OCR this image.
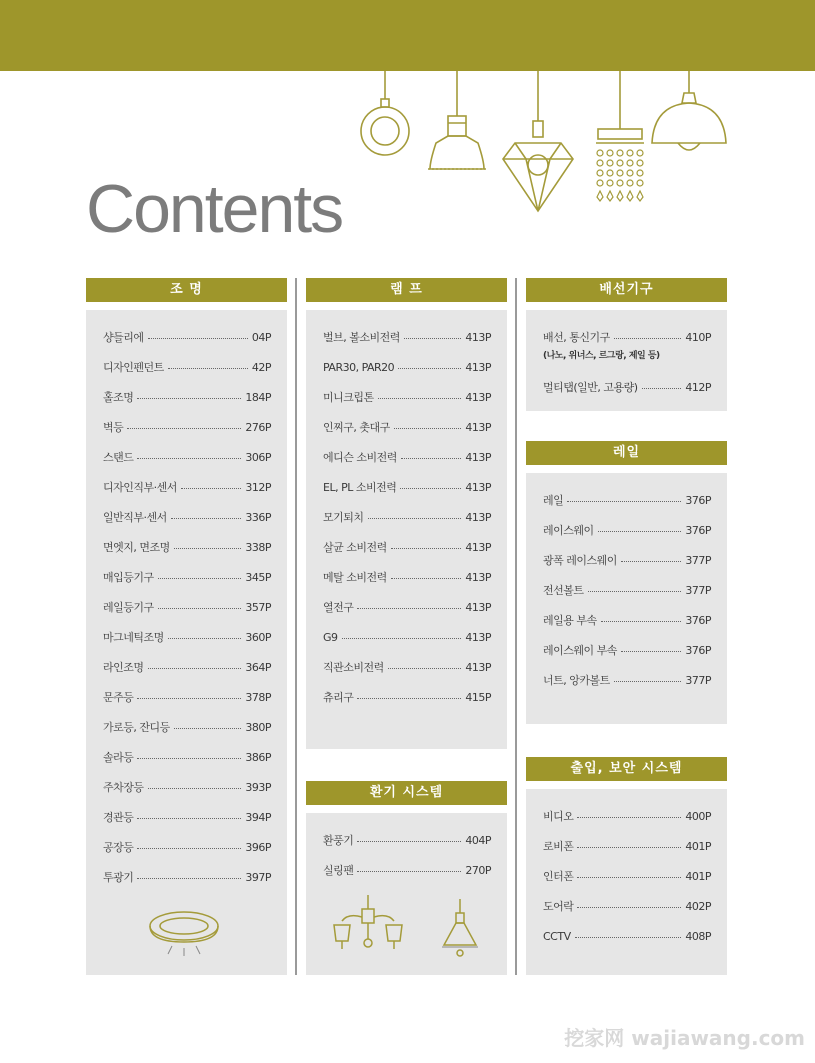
Contents
조 명
샹들리에	04P
디자인펜던트	42P
홀조명	184P
벽등	276P
스탠드	306P
디자인직부·센서	312P
일반직부·센서	336P
면엣지, 면조명	338P
매입등기구	345P
레일등기구	357P
마그네틱조명	360P
라인조명	364P
문주등	378P
가로등, 잔디등	380P
솔라등	386P
주차장등	393P
경관등	394P
공장등	396P
투광기	397P
램 프
벌브, 볼소비전력	413P
PAR30, PAR20	413P
미니크립톤	413P
인찌구, 촛대구	413P
에디슨 소비전력	413P
EL, PL 소비전력	413P
모기퇴치	413P
살균 소비전력	413P
메탈 소비전력	413P
열전구	413P
G9	413P
직관소비전력	413P
츄리구	415P
환기 시스템
환풍기	404P
실링팬	270P
배선기구
배선, 통신기구	410P
(나노, 위너스, 르그랑, 제일 등)
멀티탭(일반, 고용량)	412P
레일
레일	376P
레이스웨이	376P
광폭 레이스웨이	377P
전선볼트	377P
레일용 부속	376P
레이스웨이 부속	376P
너트, 앙카볼트	377P
출입, 보안 시스템
비디오	400P
로비폰	401P
인터폰	401P
도어락	402P
CCTV	408P
挖家网 wajiawang.com
